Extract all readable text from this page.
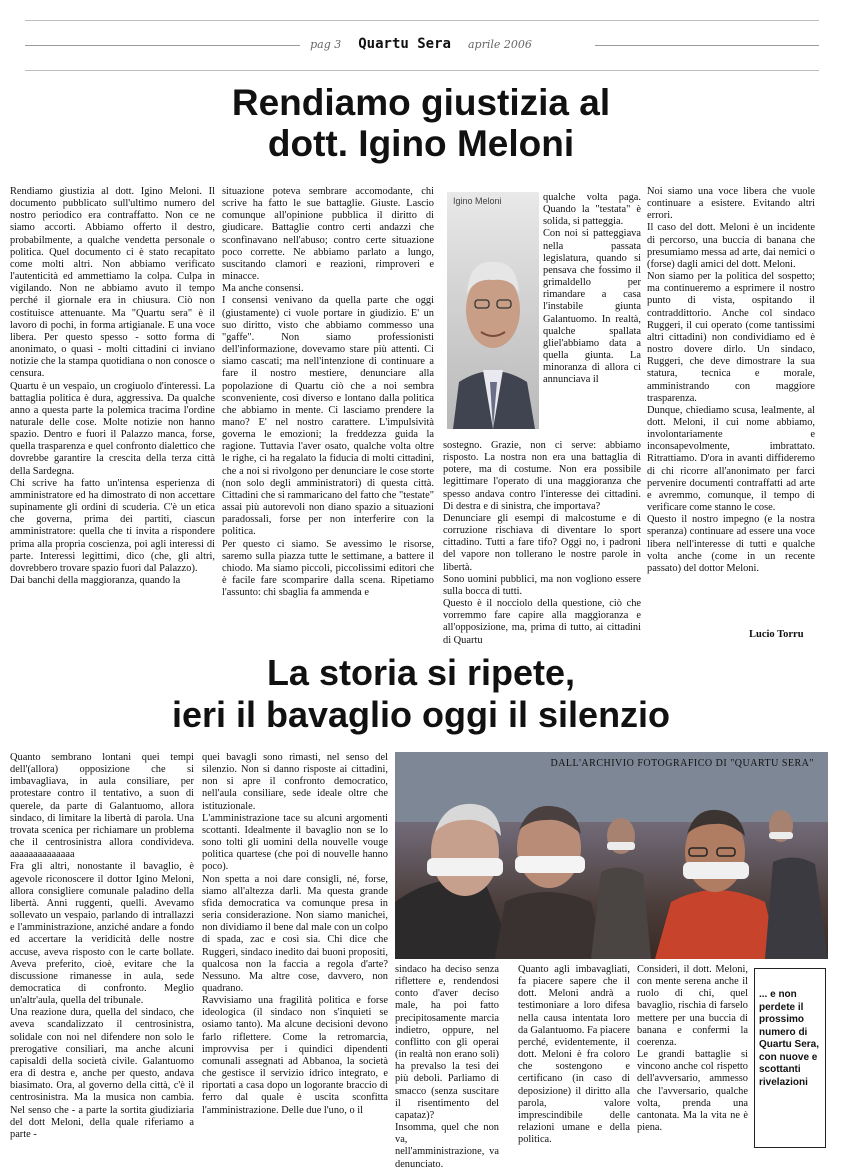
pag 3 Quartu Sera aprile 2006
Rendiamo giustizia al
dott. Igino Meloni

Rendiamo giustizia al dott. Igino Meloni. Il documento pubblicato sull'ultimo numero del nostro periodico era contraffatto. Non ce ne siamo accorti. Abbiamo offerto il destro, probabilmente, a qualche vendetta personale o politica. Quel documento ci è stato recapitato come molti altri. Non abbiamo verificato l'autenticità ed ammettiamo la colpa. Culpa in vigilando. Non ne abbiamo avuto il tempo perché il giornale era in chiusura. Ciò non costituisce attenuante. Ma "Quartu sera" è il lavoro di pochi, in forma artigianale. E una voce libera. Per questo spesso - sotto forma di anonimato, o quasi - molti cittadini ci inviano notizie che la stampa quotidiana o non conosce o censura.
Quartu è un vespaio, un crogiuolo d'interessi. La battaglia politica è dura, aggressiva. Da qualche anno a questa parte la polemica tracima l'ordine naturale delle cose. Molte notizie non hanno spazio. Dentro e fuori il Palazzo manca, forse, quella trasparenza e quel confronto dialettico che dovrebbe garantire la crescita della terza città della Sardegna.
Chi scrive ha fatto un'intensa esperienza di amministratore ed ha dimostrato di non accettare supinamente gli ordini di scuderia. C'è un etica che governa, prima dei partiti, ciascun amministratore: quella che ti invita a rispondere prima alla propria coscienza, poi agli interessi di parte. Interessi legittimi, dico (che, gli altri, dovrebbero trovare spazio fuori dal Palazzo).
Dai banchi della maggioranza, quando la

situazione poteva sembrare accomodante, chi scrive ha fatto le sue battaglie. Giuste. Lascio comunque all'opinione pubblica il diritto di giudicare. Battaglie contro certi andazzi che sconfinavano nell'abuso; contro certe situazione poco corrette. Ne abbiamo parlato a lungo, suscitando clamori e reazioni, rimproveri e minacce.
Ma anche consensi.
I consensi venivano da quella parte che oggi (giustamente) ci vuole portare in giudizio. E' un suo diritto, visto che abbiamo commesso una "gaffe". Non siamo professionisti dell'informazione, dovevamo stare più attenti. Ci siamo cascati; ma nell'intenzione di continuare a fare il nostro mestiere, denunciare alla popolazione di Quartu ciò che a noi sembra sconveniente, così diverso e lontano dalla politica che abbiamo in mente. Ci lasciamo prendere la mano? E' nel nostro carattere. L'impulsività governa le emozioni; la freddezza guida la ragione. Tuttavia l'aver osato, qualche volta oltre le righe, ci ha regalato la fiducia di molti cittadini, che a noi si rivolgono per denunciare le cose storte (non solo degli amministratori) di questa città. Cittadini che si rammaricano del fatto che "testate" assai più autorevoli non diano spazio a situazioni paradossali, forse per non interferire con la politica.
Per questo ci siamo. Se avessimo le risorse, saremo sulla piazza tutte le settimane, a battere il chiodo. Ma siamo piccoli, piccolissimi editori che è facile fare scomparire dalla scena. Ripetiamo l'assunto: chi sbaglia fa ammenda e

Igino Meloni	qualche volta paga. Quando la "testata" è solida, si patteggia.
Con noi si patteggiava nella passata legislatura, quando si pensava che fossimo il grimaldello per rimandare a casa l'instabile giunta Galantuomo. In realtà, qualche spallata gliel'abbiamo data a quella giunta. La minoranza di allora ci annunciava il

sostegno. Grazie, non ci serve: abbiamo risposto. La nostra non era una battaglia di potere, ma di costume. Non era possibile legittimare l'operato di una maggioranza che spesso andava contro l'interesse dei cittadini. Di destra e di sinistra, che importava?
Denunciare gli esempi di malcostume e di corruzione rischiava di diventare lo sport cittadino. Tutti a fare tifo? Oggi no, i padroni del vapore non tollerano le nostre parole in libertà.
Sono uomini pubblici, ma non vogliono essere sulla bocca di tutti.
Questo è il nocciolo della questione, ciò che vorremmo fare capire alla maggioranza e all'opposizione, ma, prima di tutto, ai cittadini di Quartu

Noi siamo una voce libera che vuole continuare a esistere. Evitando altri errori.
Il caso del dott. Meloni è un incidente di percorso, una buccia di banana che presumiamo messa ad arte, dai nemici o (forse) dagli amici del dott. Meloni.
Non siamo per la politica del sospetto; ma continueremo a esprimere il nostro punto di vista, ospitando il contraddittorio. Anche col sindaco Ruggeri, il cui operato (come tantissimi altri cittadini) non condividiamo ed è nostro dovere dirlo. Un sindaco, Ruggeri, che deve dimostrare la sua statura, tecnica e morale, amministrando con maggiore trasparenza.
Dunque, chiediamo scusa, lealmente, al dott. Meloni, il cui nome abbiamo, involontariamente e inconsapevolmente, imbrattato. Ritrattiamo. D'ora in avanti diffideremo di chi ricorre all'anonimato per farci pervenire documenti contraffatti ad arte e avremmo, comunque, il tempo di verificare come stanno le cose.
Questo il nostro impegno (e la nostra speranza) continuare ad essere una voce libera nell'interesse di tutti e qualche volta anche (come in un recente passato) del dottor Meloni.

Lucio Torru
La storia si ripete,
ieri il bavaglio oggi il silenzio

Quanto sembrano lontani quei tempi dell'(allora) opposizione che si imbavagliava, in aula consiliare, per protestare contro il tentativo, a suon di querele, da parte di Galantuomo, allora sindaco, di limitare la libertà di parola. Una trovata scenica per richiamare un problema che il centrosinistra allora condivideva. aaaaaaaaaaaaaa
Fra gli altri, nonostante il bavaglio, è agevole riconoscere il dottor Igino Meloni, allora consigliere comunale paladino della libertà. Anni ruggenti, quelli. Avevamo sollevato un vespaio, parlando di intrallazzi e l'amministrazione, anziché andare a fondo ed accertare la veridicità delle nostre accuse, aveva risposto con le carte bollate. Aveva preferito, cioè, evitare che la discussione rimanesse in aula, sede democratica di confronto. Meglio un'altr'aula, quella del tribunale.
Una reazione dura, quella del sindaco, che aveva scandalizzato il centrosinistra, solidale con noi nel difendere non solo le prerogative consiliari, ma anche alcuni capisaldi della società civile. Galantuomo era di destra e, anche per questo, andava biasimato. Ora, al governo della città, c'è il centrosinistra. Ma la musica non cambia. Nel senso che - a parte la sortita giudiziaria del dott Meloni, della quale riferiamo a parte -

quei bavagli sono rimasti, nel senso del silenzio. Non si danno risposte ai cittadini, non si apre il confronto democratico, nell'aula consiliare, sede ideale oltre che istituzionale.
L'amministrazione tace su alcuni argomenti scottanti. Idealmente il bavaglio non se lo sono tolti gli uomini della nouvelle vouge politica quartese (che poi di nouvelle hanno poco).
Non spetta a noi dare consigli, né, forse, siamo all'altezza darli. Ma questa grande sfida democratica va comunque presa in seria considerazione. Non siamo manichei, non dividiamo il bene dal male con un colpo di spada, zac e così sia. Chi dice che Ruggeri, sindaco inedito dai buoni propositi, qualcosa non la faccia a regola d'arte? Nessuno. Ma altre cose, davvero, non quadrano.
Ravvisiamo una fragilità politica e forse ideologica (il sindaco non s'inquieti se osiamo tanto). Ma alcune decisioni devono farlo riflettere. Come la retromarcia, improvvisa per i quindici dipendenti comunali assegnati ad Abbanoa, la società che gestisce il servizio idrico integrato, e riportati a casa dopo un logorante braccio di ferro dal quale è uscita sconfitta l'amministrazione. Delle due l'uno, o il

DALL'ARCHIVIO FOTOGRAFICO DI "QUARTU SERA"

sindaco ha deciso senza riflettere e, rendendosi conto d'aver deciso male, ha poi fatto precipitosamente marcia indietro, oppure, nel conflitto con gli operai (in realtà non erano soli) ha prevalso la tesi dei più deboli. Parliamo di smacco (senza suscitare il risentimento del capataz)?
Insomma, quel che non va, nell'amministrazione, va denunciato.

Quanto agli imbavagliati, fa piacere sapere che il dott. Meloni andrà a testimoniare a loro difesa nella causa intentata loro da Galantuomo. Fa piacere perché, evidentemente, il dott. Meloni è fra coloro che sostengono e certificano (in caso di deposizione) il diritto alla parola, valore imprescindibile delle relazioni umane e della politica.

Considerì, il dott. Meloni, con mente serena anche il ruolo di chi, quel bavaglio, rischia di farselo mettere per una buccia di banana e confermi la coerenza.
Le grandi battaglie si vincono anche col rispetto dell'avversario, ammesso che l'avversario, qualche volta, prenda una cantonata. Ma la vita ne è piena.

... e non perdete il prossimo numero di Quartu Sera, con nuove e scottanti rivelazioni
